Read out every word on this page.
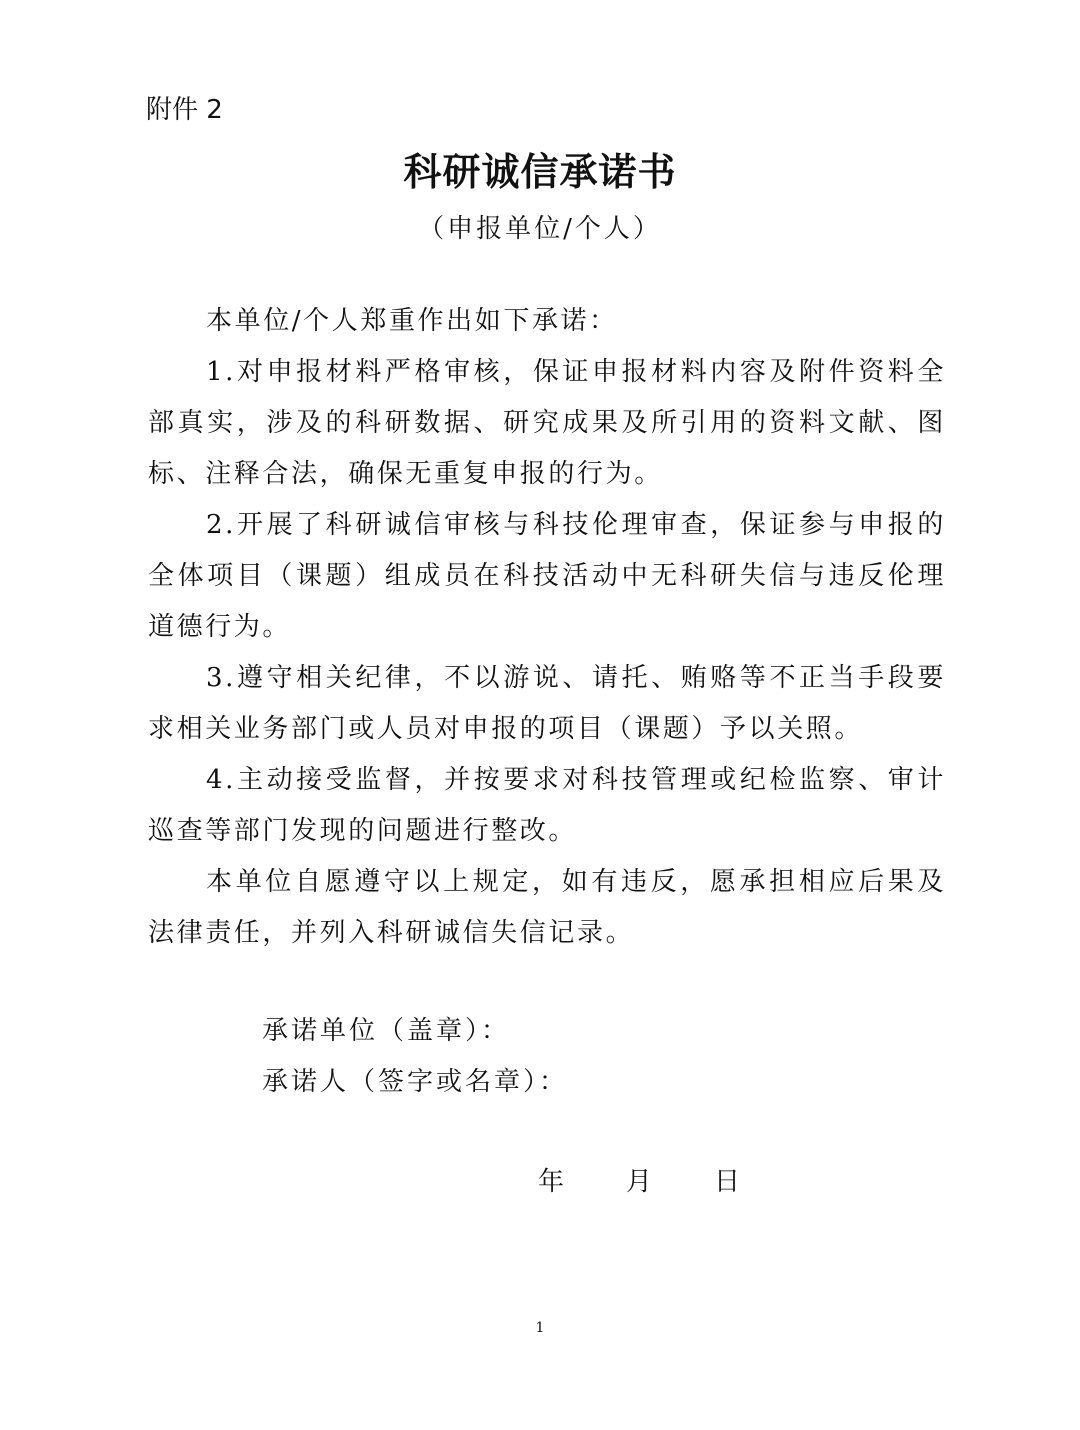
附件 2
科研诚信承诺书
（申报单位/个人）

本单位/个人郑重作出如下承诺：

1.对申报材料严格审核，保证申报材料内容及附件资料全部真实，涉及的科研数据、研究成果及所引用的资料文献、图标、注释合法，确保无重复申报的行为。

2.开展了科研诚信审核与科技伦理审查，保证参与申报的全体项目（课题）组成员在科技活动中无科研失信与违反伦理道德行为。

3.遵守相关纪律，不以游说、请托、贿赂等不正当手段要求相关业务部门或人员对申报的项目（课题）予以关照。

4.主动接受监督，并按要求对科技管理或纪检监察、审计巡查等部门发现的问题进行整改。

本单位自愿遵守以上规定，如有违反，愿承担相应后果及法律责任，并列入科研诚信失信记录。

承诺单位（盖章）：
承诺人（签字或名章）：
年	月	日
1
